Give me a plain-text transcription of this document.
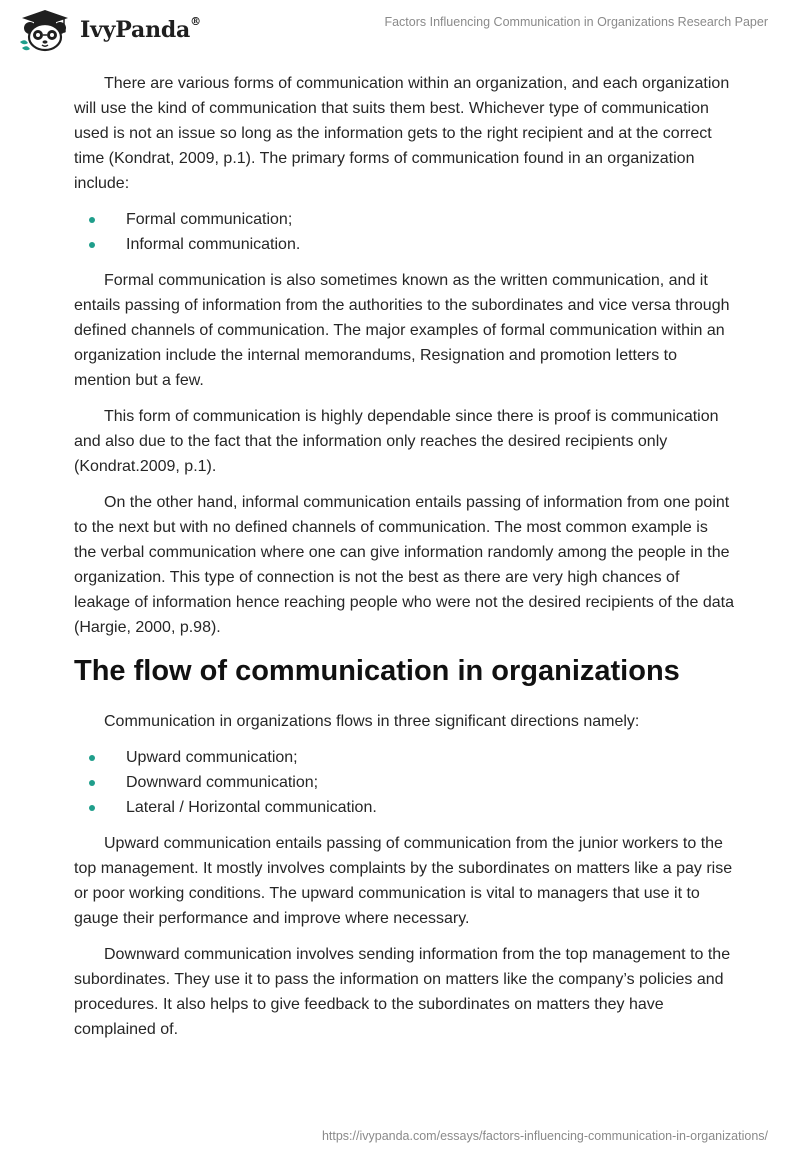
IvyPanda®	Factors Influencing Communication in Organizations Research Paper

There are various forms of communication within an organization, and each organization will use the kind of communication that suits them best. Whichever type of communication used is not an issue so long as the information gets to the right recipient and at the correct time (Kondrat, 2009, p.1). The primary forms of communication found in an organization include:

Formal communication;
Informal communication.

Formal communication is also sometimes known as the written communication, and it entails passing of information from the authorities to the subordinates and vice versa through defined channels of communication. The major examples of formal communication within an organization include the internal memorandums, Resignation and promotion letters to mention but a few.

This form of communication is highly dependable since there is proof is communication and also due to the fact that the information only reaches the desired recipients only (Kondrat.2009, p.1).

On the other hand, informal communication entails passing of information from one point to the next but with no defined channels of communication. The most common example is the verbal communication where one can give information randomly among the people in the organization. This type of connection is not the best as there are very high chances of leakage of information hence reaching people who were not the desired recipients of the data (Hargie, 2000, p.98).

The flow of communication in organizations

Communication in organizations flows in three significant directions namely:

Upward communication;
Downward communication;
Lateral / Horizontal communication.

Upward communication entails passing of communication from the junior workers to the top management. It mostly involves complaints by the subordinates on matters like a pay rise or poor working conditions. The upward communication is vital to managers that use it to gauge their performance and improve where necessary.

Downward communication involves sending information from the top management to the subordinates. They use it to pass the information on matters like the company’s policies and procedures. It also helps to give feedback to the subordinates on matters they have complained of.

https://ivypanda.com/essays/factors-influencing-communication-in-organizations/
